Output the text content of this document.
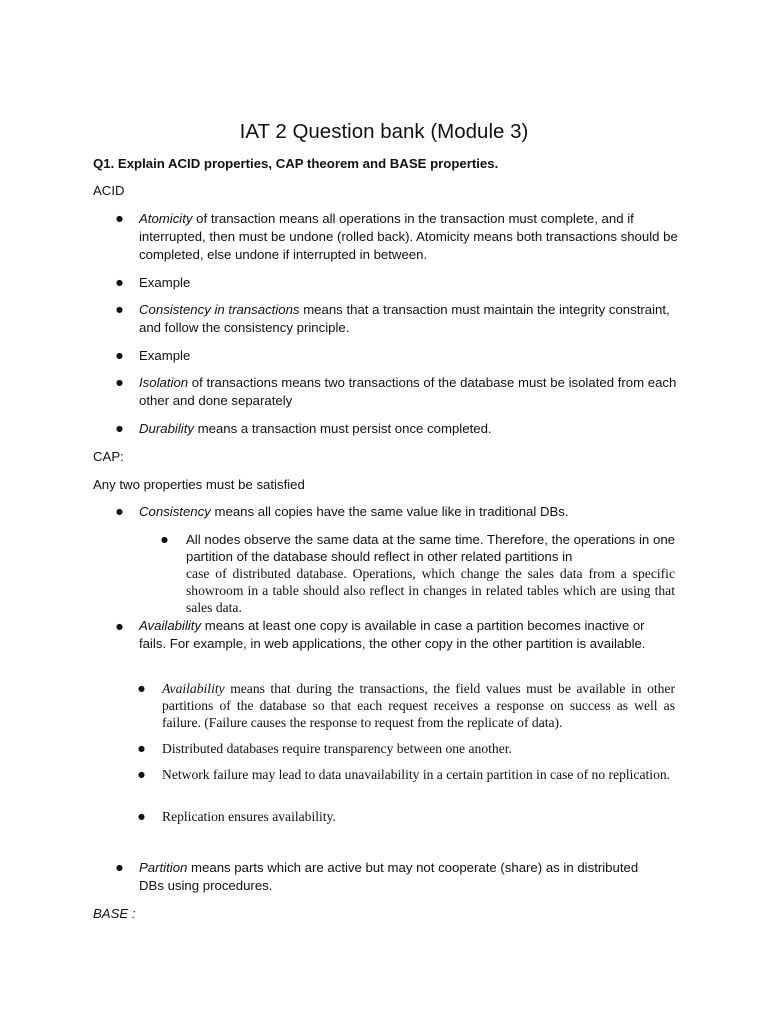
IAT 2 Question bank (Module 3)
Q1. Explain ACID properties, CAP theorem and BASE properties.
ACID
● Atomicity of transaction means all operations in the transaction must complete, and if interrupted, then must be undone (rolled back). Atomicity means both transactions should be completed, else undone if interrupted in between.
● Example
● Consistency in transactions means that a transaction must maintain the integrity constraint, and follow the consistency principle.
● Example
● Isolation of transactions means two transactions of the database must be isolated from each other and done separately
● Durability means a transaction must persist once completed.
CAP:
Any two properties must be satisfied
● Consistency means all copies have the same value like in traditional DBs.
● All nodes observe the same data at the same time. Therefore, the operations in one partition of the database should reflect in other related partitions in
case of distributed database. Operations, which change the sales data from a specific showroom in a table should also reflect in changes in related tables which are using that sales data.
● Availability means at least one copy is available in case a partition becomes inactive or fails. For example, in web applications, the other copy in the other partition is available.
● Availability means that during the transactions, the field values must be available in other partitions of the database so that each request receives a response on success as well as failure. (Failure causes the response to request from the replicate of data).
● Distributed databases require transparency between one another.
● Network failure may lead to data unavailability in a certain partition in case of no replication.
● Replication ensures availability.
● Partition means parts which are active but may not cooperate (share) as in distributed DBs using procedures.
BASE :
